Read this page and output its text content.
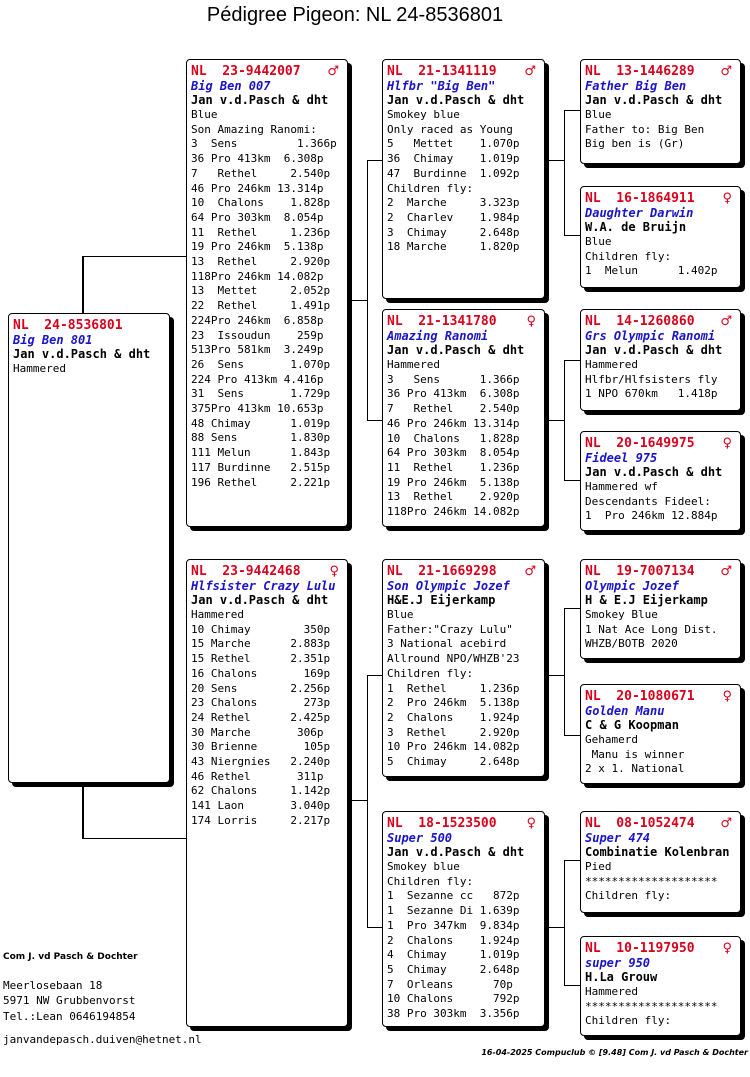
Pédigree Pigeon: NL 24-8536801
NL  24-8536801
Big Ben 801
Jan v.d.Pasch & dht
Hammered
NL  23-9442007 ♂
Big Ben 007
Jan v.d.Pasch & dht
Blue
Son Amazing Ranomi:
3  Sens         1.366p
36 Pro 413km  6.308p
7   Rethel     2.540p
46 Pro 246km 13.314p
10  Chalons    1.828p
64 Pro 303km  8.054p
11  Rethel     1.236p
19 Pro 246km  5.138p
13  Rethel     2.920p
118Pro 246km 14.082p
13  Mettet     2.052p
22  Rethel     1.491p
224Pro 246km  6.858p
23  Issoudun    259p
513Pro 581km  3.249p
26  Sens       1.070p
224 Pro 413km 4.416p
31  Sens       1.729p
375Pro 413km 10.653p
48 Chimay      1.019p
88 Sens        1.830p
111 Melun      1.843p
117 Burdinne   2.515p
196 Rethel     2.221p
NL  23-9442468 ♀
Hlfsister Crazy Lulu
Jan v.d.Pasch & dht
Hammered
10 Chimay        350p
15 Marche      2.883p
15 Rethel      2.351p
16 Chalons       169p
20 Sens        2.256p
23 Chalons       273p
24 Rethel      2.425p
30 Marche       306p
30 Brienne       105p
43 Niergnies   2.240p
46 Rethel       311p
62 Chalons     1.142p
141 Laon       3.040p
174 Lorris     2.217p
NL  21-1341119 ♂
Hlfbr "Big Ben"
Jan v.d.Pasch & dht
Smokey blue
Only raced as Young
5   Mettet    1.070p
36  Chimay    1.019p
47  Burdinne  1.092p
Children fly:
2  Marche     3.323p
2  Charlev    1.984p
3  Chimay     2.648p
18 Marche     1.820p
NL  21-1341780 ♀
Amazing Ranomi
Jan v.d.Pasch & dht
Hammered
3   Sens      1.366p
36 Pro 413km  6.308p
7   Rethel    2.540p
46 Pro 246km 13.314p
10  Chalons   1.828p
64 Pro 303km  8.054p
11  Rethel    1.236p
19 Pro 246km  5.138p
13  Rethel    2.920p
118Pro 246km 14.082p
NL  21-1669298 ♂
Son Olympic Jozef
H&E.J Eijerkamp
Blue
Father:"Crazy Lulu"
3 National acebird
Allround NPO/WHZB'23
Children fly:
1  Rethel     1.236p
2  Pro 246km  5.138p
2  Chalons    1.924p
3  Rethel     2.920p
10 Pro 246km 14.082p
5  Chimay     2.648p
NL  18-1523500 ♀
Super 500
Jan v.d.Pasch & dht
Smokey blue
Children fly:
1  Sezanne cc   872p
1  Sezanne Di 1.639p
1  Pro 347km  9.834p
2  Chalons    1.924p
4  Chimay     1.019p
5  Chimay     2.648p
7  Orleans      70p
10 Chalons      792p
38 Pro 303km  3.356p
NL  13-1446289 ♂
Father Big Ben
Jan v.d.Pasch & dht
Blue
Father to: Big Ben
Big ben is (Gr)
NL  16-1864911 ♀
Daughter Darwin
W.A. de Bruijn
Blue
Children fly:
1  Melun      1.402p
NL  14-1260860 ♂
Grs Olympic Ranomi
Jan v.d.Pasch & dht
Hammered
Hlfbr/Hlfsisters fly
1 NPO 670km   1.418p
NL  20-1649975 ♀
Fideel 975
Jan v.d.Pasch & dht
Hammered wf
Descendants Fideel:
1  Pro 246km 12.884p
NL  19-7007134 ♂
Olympic Jozef
H & E.J Eijerkamp
Smokey Blue
1 Nat Ace Long Dist.
WHZB/BOTB 2020
NL  20-1080671 ♀
Golden Manu
C & G Koopman
Gehamerd
Manu is winner
2 x 1. National
NL  08-1052474 ♂
Super 474
Combinatie Kolenbran
Pied
********************
Children fly:
NL  10-1197950 ♀
super 950
H.La Grouw
Hammered
********************
Children fly:
Com J. vd Pasch & Dochter
Meerlosebaan 18
5971 NW Grubbenvorst
Tel.:Lean 0646194854
janvandepasch.duiven@hetnet.nl
16-04-2025 Compuclub © [9.48] Com J. vd Pasch & Dochter
